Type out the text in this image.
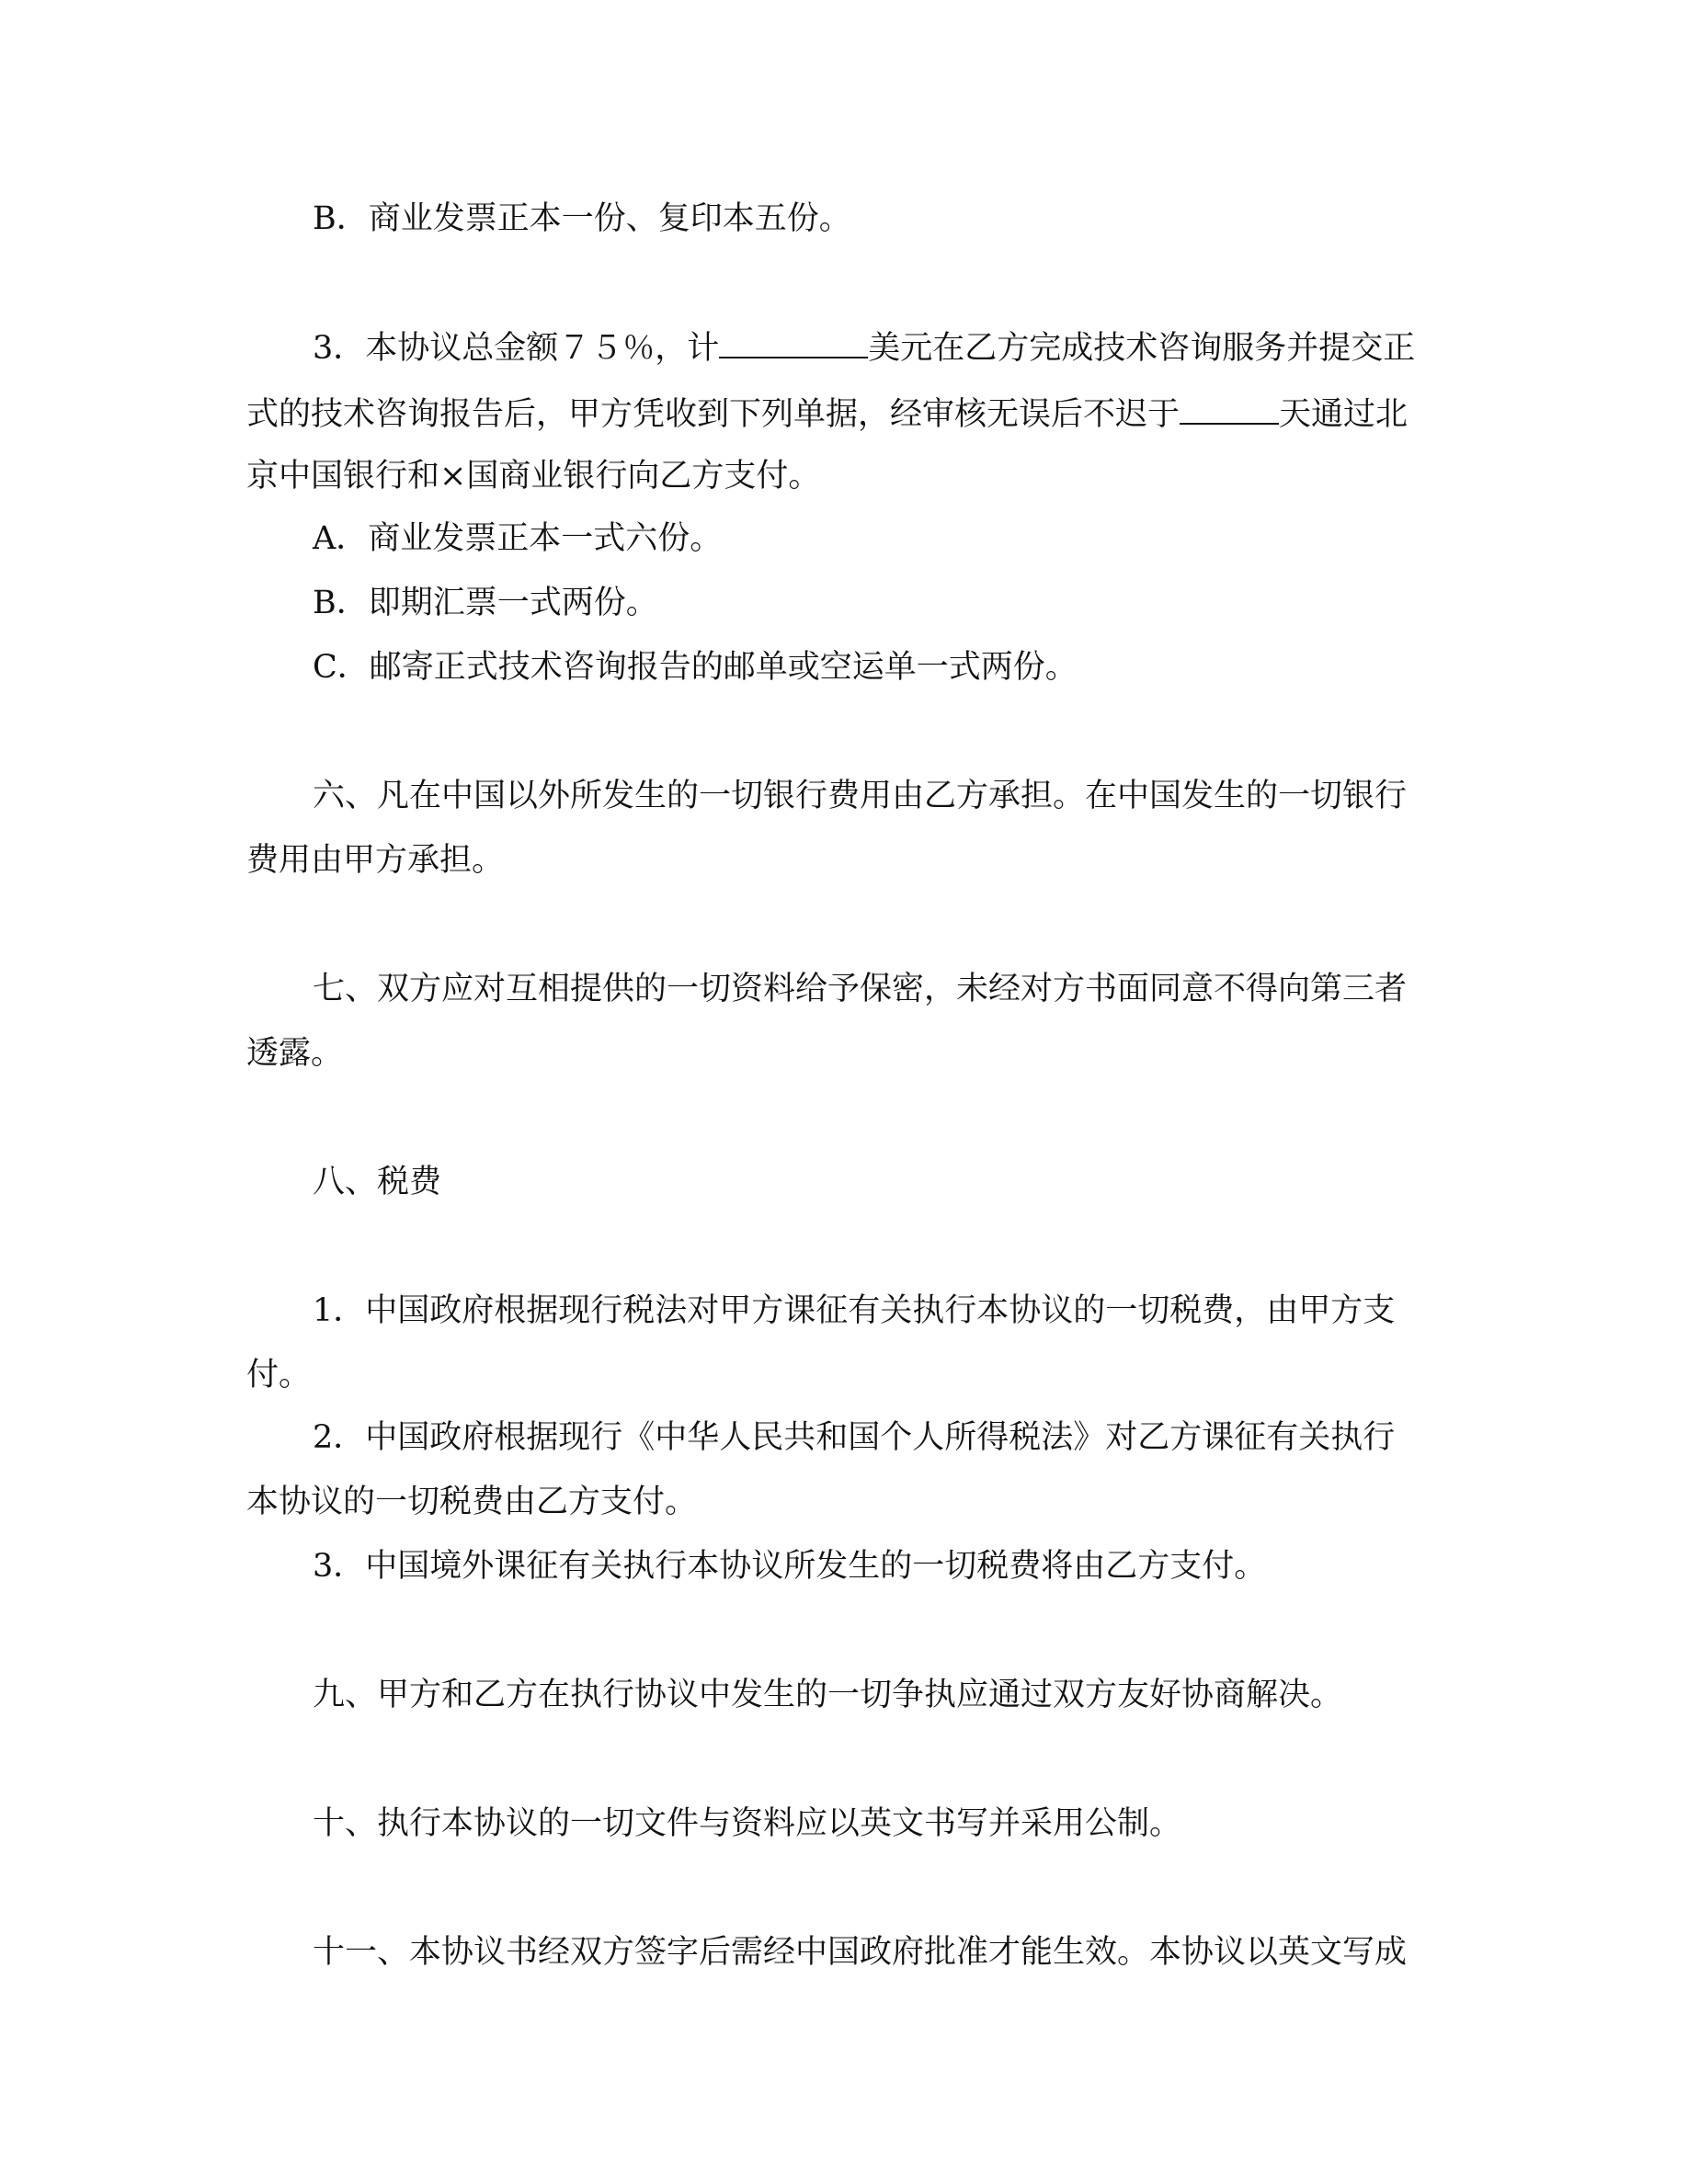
B．商业发票正本一份、复印本五份。
3．本协议总金额７５％，计	美元在乙方完成技术咨询服务并提交正
式的技术咨询报告后，甲方凭收到下列单据，经审核无误后不迟于	天通过北
京中国银行和×国商业银行向乙方支付。
A．商业发票正本一式六份。
B．即期汇票一式两份。
C．邮寄正式技术咨询报告的邮单或空运单一式两份。
六、凡在中国以外所发生的一切银行费用由乙方承担。在中国发生的一切银行
费用由甲方承担。
七、双方应对互相提供的一切资料给予保密，未经对方书面同意不得向第三者
透露。
八、税费
1．中国政府根据现行税法对甲方课征有关执行本协议的一切税费，由甲方支
付。
2．中国政府根据现行《中华人民共和国个人所得税法》对乙方课征有关执行
本协议的一切税费由乙方支付。
3．中国境外课征有关执行本协议所发生的一切税费将由乙方支付。
九、甲方和乙方在执行协议中发生的一切争执应通过双方友好协商解决。
十、执行本协议的一切文件与资料应以英文书写并采用公制。
十一、本协议书经双方签字后需经中国政府批准才能生效。本协议以英文写成
